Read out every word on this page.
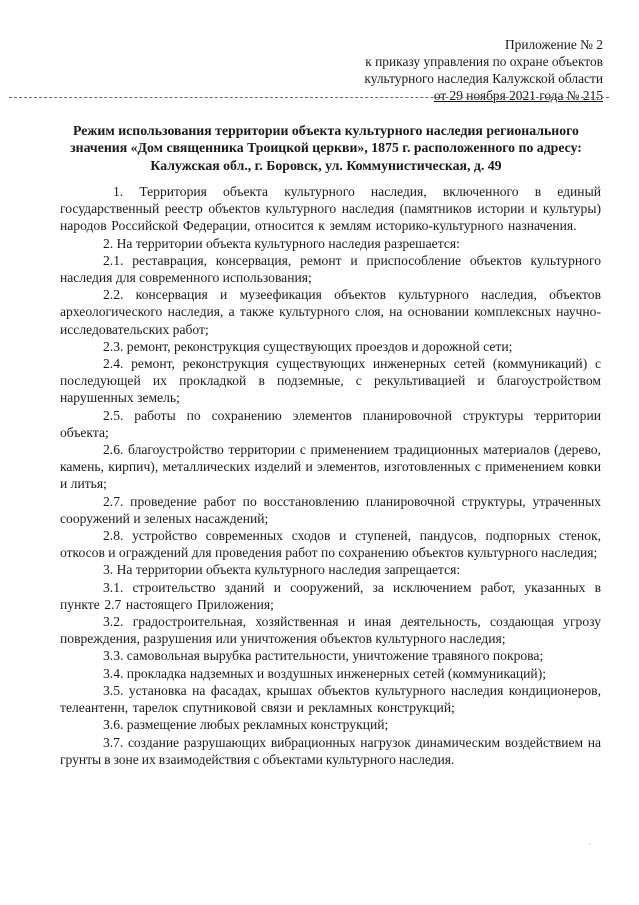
Приложение № 2
к приказу управления по охране объектов
культурного наследия Калужской области
от 29 ноября 2021 года № 215
Режим использования территории объекта культурного наследия регионального
значения «Дом священника Троицкой церкви», 1875 г. расположенного по адресу:
Калужская обл., г. Боровск, ул. Коммунистическая, д. 49

1. Территория объекта культурного наследия, включенного в единый государственный реестр объектов культурного наследия (памятников истории и культуры) народов Российской Федерации, относится к землям историко-культурного назначения.

2. На территории объекта культурного наследия разрешается:

2.1. реставрация, консервация, ремонт и приспособление объектов культурного наследия для современного использования;

2.2. консервация и музеефикация объектов культурного наследия, объектов археологического наследия, а также культурного слоя, на основании комплексных научно-исследовательских работ;

2.3. ремонт, реконструкция существующих проездов и дорожной сети;

2.4. ремонт, реконструкция существующих инженерных сетей (коммуникаций) с последующей их прокладкой в подземные, с рекультивацией и благоустройством нарушенных земель;

2.5. работы по сохранению элементов планировочной структуры территории объекта;

2.6. благоустройство территории с применением традиционных материалов (дерево, камень, кирпич), металлических изделий и элементов, изготовленных с применением ковки и литья;

2.7. проведение работ по восстановлению планировочной структуры, утраченных сооружений и зеленых насаждений;

2.8. устройство современных сходов и ступеней, пандусов, подпорных стенок, откосов и ограждений для проведения работ по сохранению объектов культурного наследия;

3. На территории объекта культурного наследия запрещается:

3.1. строительство зданий и сооружений, за исключением работ, указанных в пункте 2.7 настоящего Приложения;

3.2. градостроительная, хозяйственная и иная деятельность, создающая угрозу повреждения, разрушения или уничтожения объектов культурного наследия;

3.3. самовольная вырубка растительности, уничтожение травяного покрова;

3.4. прокладка надземных и воздушных инженерных сетей (коммуникаций);

3.5. установка на фасадах, крышах объектов культурного наследия кондиционеров, телеантенн, тарелок спутниковой связи и рекламных конструкций;

3.6. размещение любых рекламных конструкций;

3.7. создание разрушающих вибрационных нагрузок динамическим воздействием на грунты в зоне их взаимодействия с объектами культурного наследия.
